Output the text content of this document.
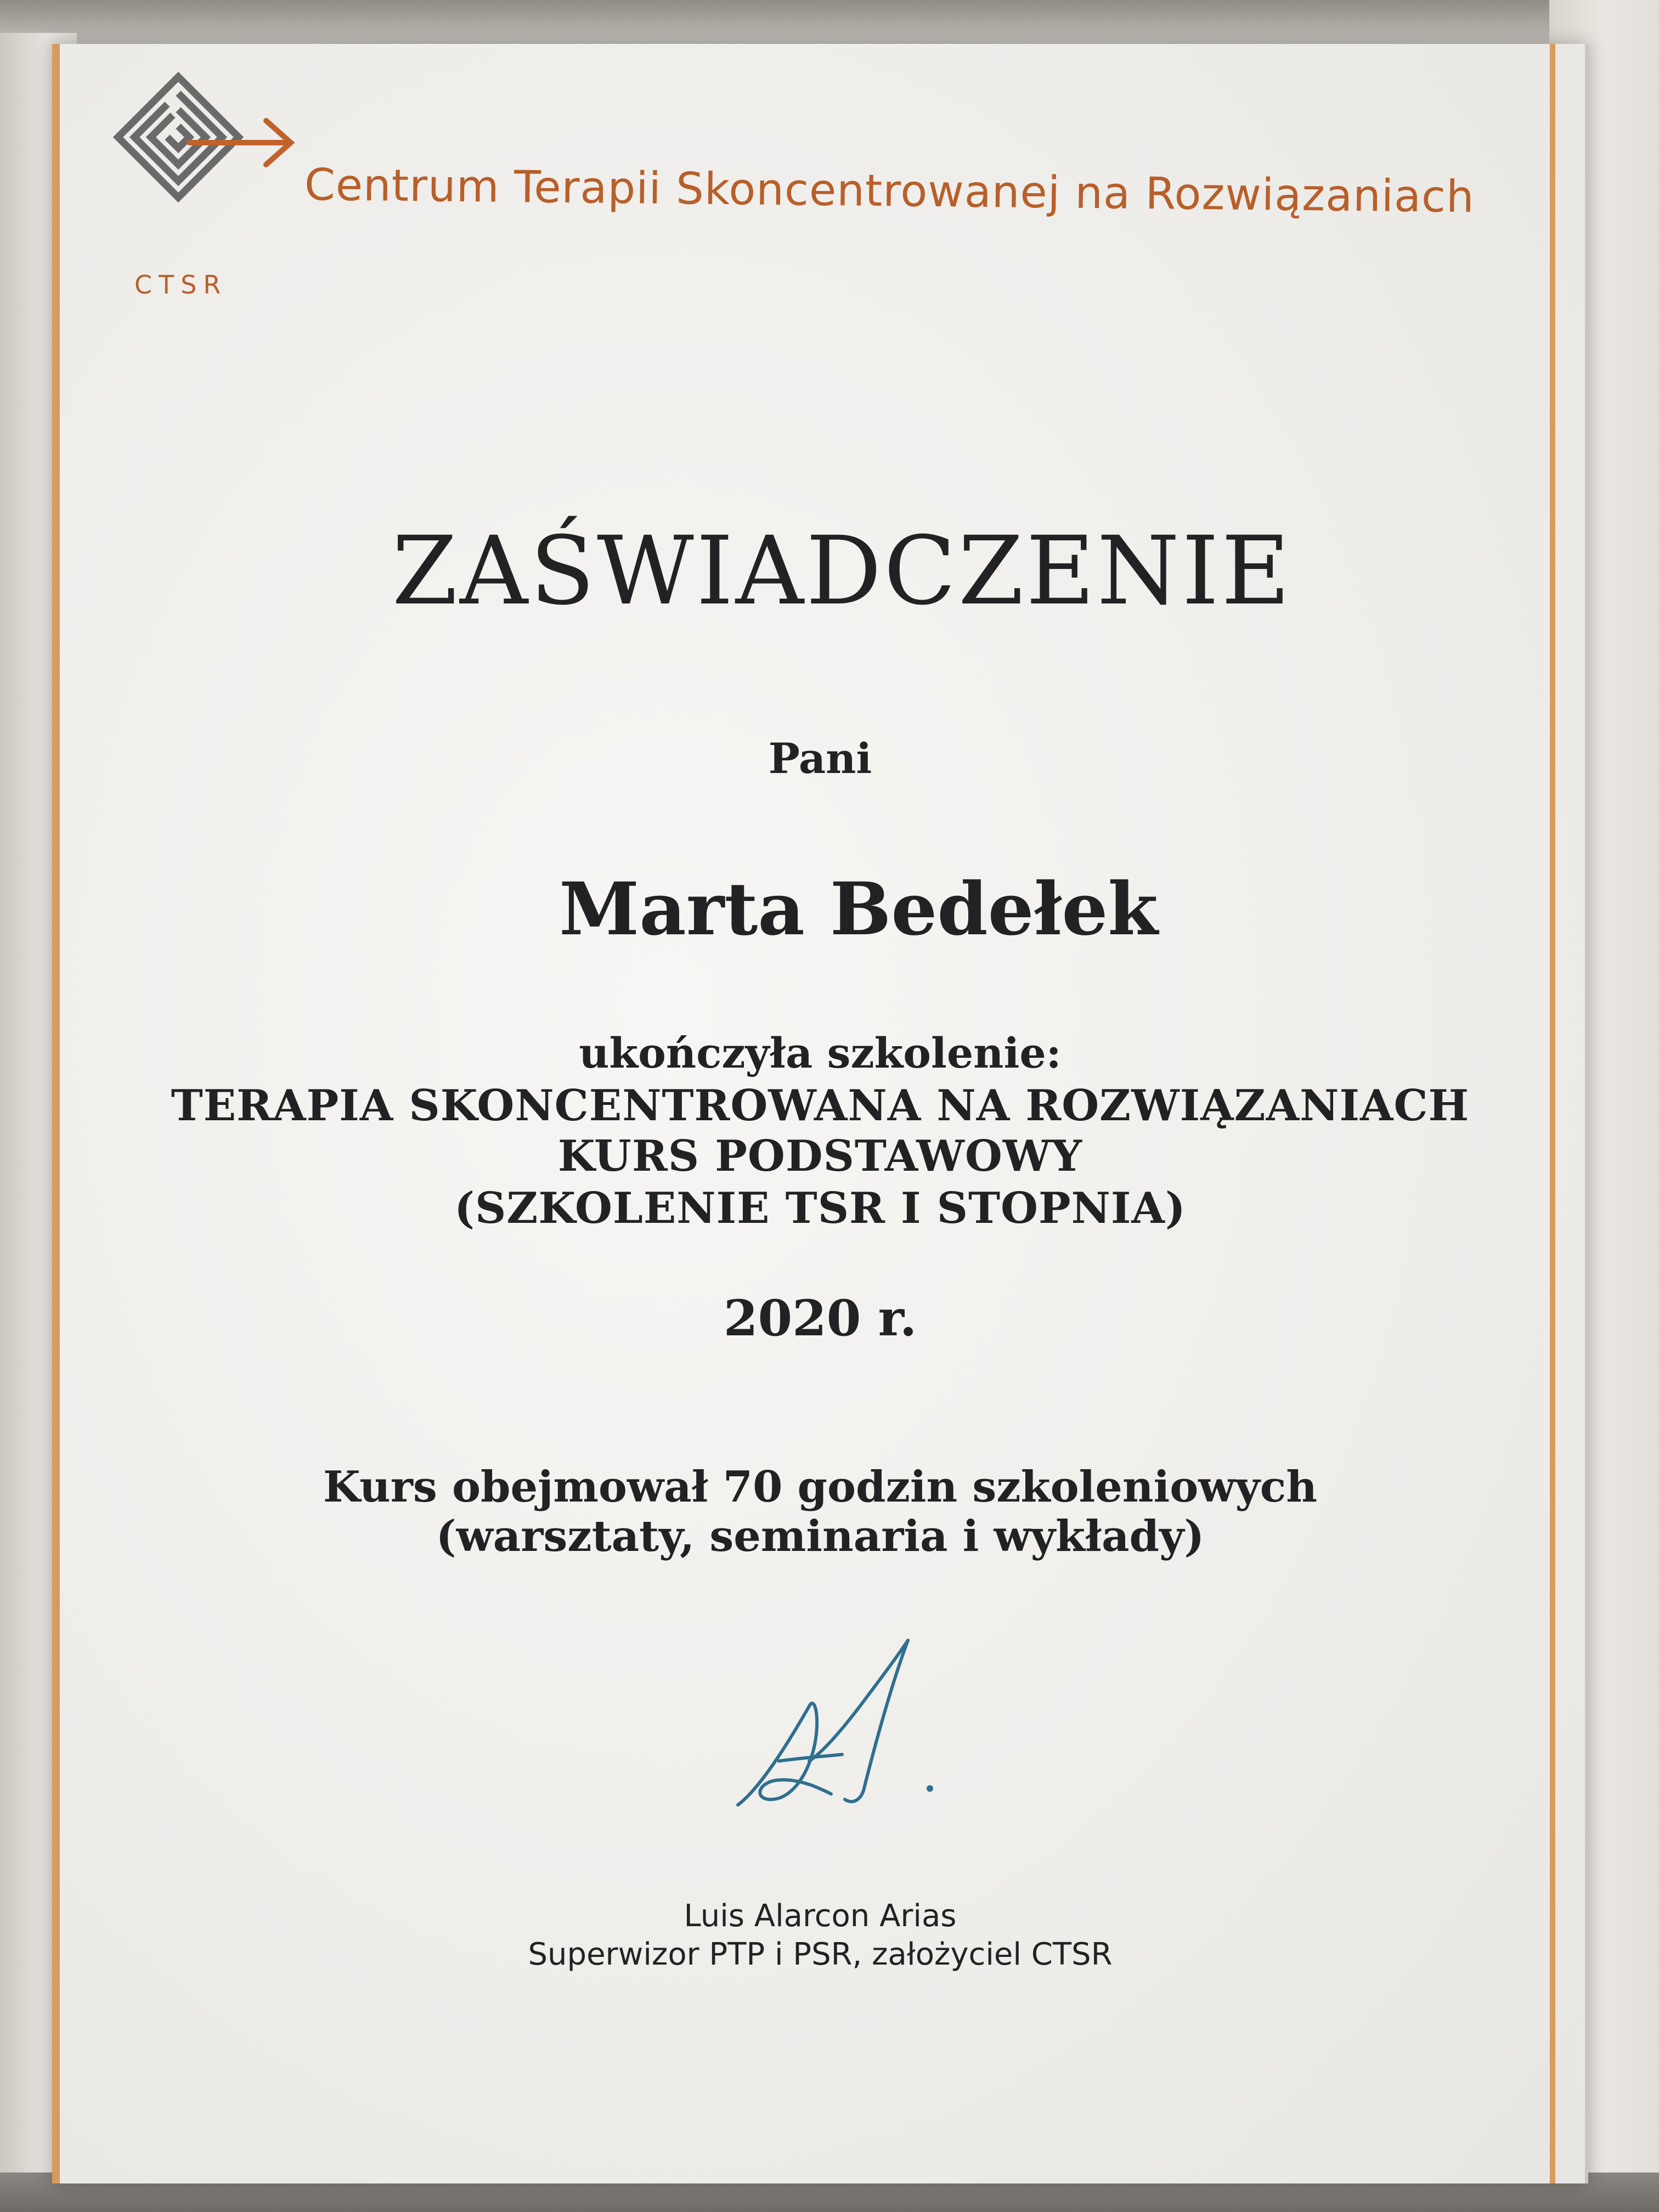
Centrum Terapii Skoncentrowanej na Rozwiązaniach
CTSR
ZAŚWIADCZENIE
Pani
Marta Bedełek
ukończyła szkolenie:
TERAPIA SKONCENTROWANA NA ROZWIĄZANIACH
KURS PODSTAWOWY
(SZKOLENIE TSR I STOPNIA)
2020 r.
Kurs obejmował 70 godzin szkoleniowych
(warsztaty, seminaria i wykłady)
Luis Alarcon Arias
Superwizor PTP i PSR, założyciel CTSR
